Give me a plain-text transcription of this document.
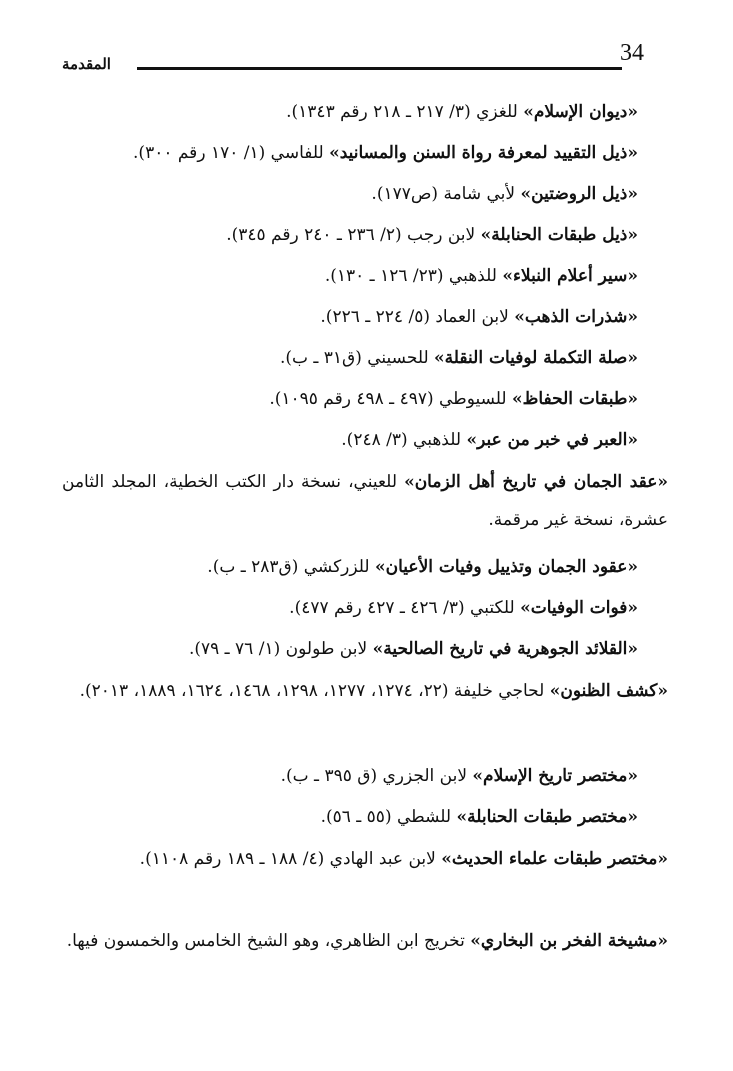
34
المقدمة
«ديوان الإسلام» للغزي (٣/ ٢١٧ ـ ٢١٨ رقم ١٣٤٣).
«ذيل التقييد لمعرفة رواة السنن والمسانيد» للفاسي (١/ ١٧٠ رقم ٣٠٠).
«ذيل الروضتين» لأبي شامة (ص١٧٧).
«ذيل طبقات الحنابلة» لابن رجب (٢/ ٢٣٦ ـ ٢٤٠ رقم ٣٤٥).
«سير أعلام النبلاء» للذهبي (٢٣/ ١٢٦ ـ ١٣٠).
«شذرات الذهب» لابن العماد (٥/ ٢٢٤ ـ ٢٢٦).
«صلة التكملة لوفيات النقلة» للحسيني (ق٣١ ـ ب).
«طبقات الحفاظ» للسيوطي (٤٩٧ ـ ٤٩٨ رقم ١٠٩٥).
«العبر في خبر من عبر» للذهبي (٣/ ٢٤٨).
«عقد الجمان في تاريخ أهل الزمان» للعيني، نسخة دار الكتب الخطية، المجلد الثامن عشرة، نسخة غير مرقمة.
«عقود الجمان وتذييل وفيات الأعيان» للزركشي (ق٢٨٣ ـ ب).
«فوات الوفيات» للكتبي (٣/ ٤٢٦ ـ ٤٢٧ رقم ٤٧٧).
«القلائد الجوهرية في تاريخ الصالحية» لابن طولون (١/ ٧٦ ـ ٧٩).
«كشف الظنون» لحاجي خليفة (٢٢، ١٢٧٤، ١٢٧٧، ١٢٩٨، ١٤٦٨، ١٦٢٤، ١٨٨٩، ٢٠١٣).
«مختصر تاريخ الإسلام» لابن الجزري (ق ٣٩٥ ـ ب).
«مختصر طبقات الحنابلة» للشطي (٥٥ ـ ٥٦).
«مختصر طبقات علماء الحديث» لابن عبد الهادي (٤/ ١٨٨ ـ ١٨٩ رقم ١١٠٨).
«مشيخة الفخر بن البخاري» تخريج ابن الظاهري، وهو الشيخ الخامس والخمسون فيها.
